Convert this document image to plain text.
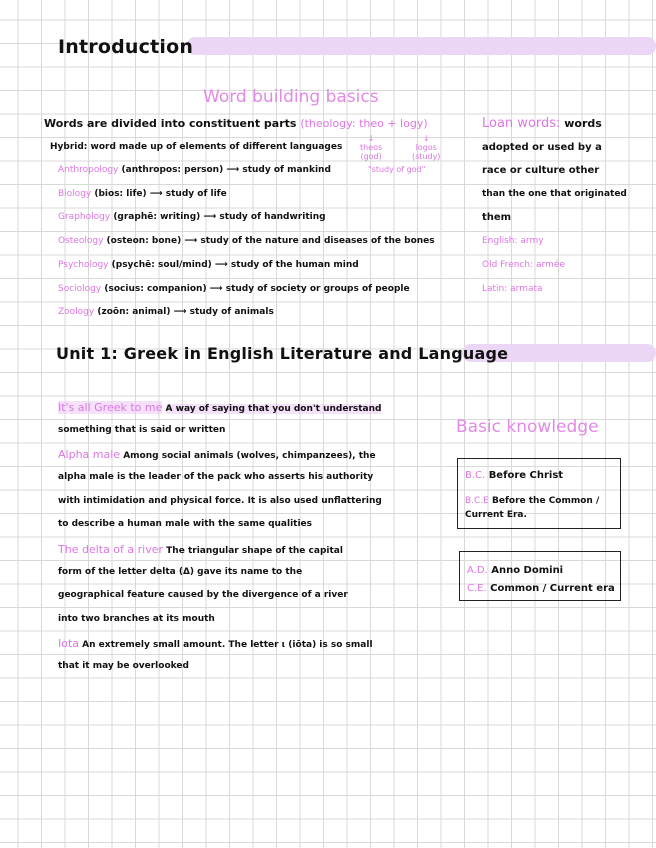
Introduction
Word building basics
Words are divided into constituent parts (theology: theo + logy)
↓
theos
(god)
↓
logos
(study)
"study of god"
Hybrid: word made up of elements of different languages
Anthropology (anthropos: person) ⟶ study of mankind
Biology (bios: life) ⟶ study of life
Graphology (graphē: writing) ⟶ study of handwriting
Osteology (osteon: bone) ⟶ study of the nature and diseases of the bones
Psychology (psychē: soul/mind) ⟶ study of the human mind
Sociology (socius: companion) ⟶ study of society or groups of people
Zoology (zoōn: animal) ⟶ study of animals
Loan words: words
adopted or used by a
race or culture other
than the one that originated
them
English: army
Old French: armée
Latin: armata
Unit 1: Greek in English Literature and Language
It's all Greek to me A way of saying that you don't understand
something that is said or written
Alpha male Among social animals (wolves, chimpanzees), the
alpha male is the leader of the pack who asserts his authority
with intimidation and physical force. It is also used unflattering
to describe a human male with the same qualities
The delta of a river The triangular shape of the capital
form of the letter delta (Δ) gave its name to the
geographical feature caused by the divergence of a river
into two branches at its mouth
Iota An extremely small amount. The letter ι (iōta) is so small
that it may be overlooked
Basic knowledge
B.C. Before Christ
B.C.E Before the Common / Current Era.
A.D. Anno Domini
C.E. Common / Current era
